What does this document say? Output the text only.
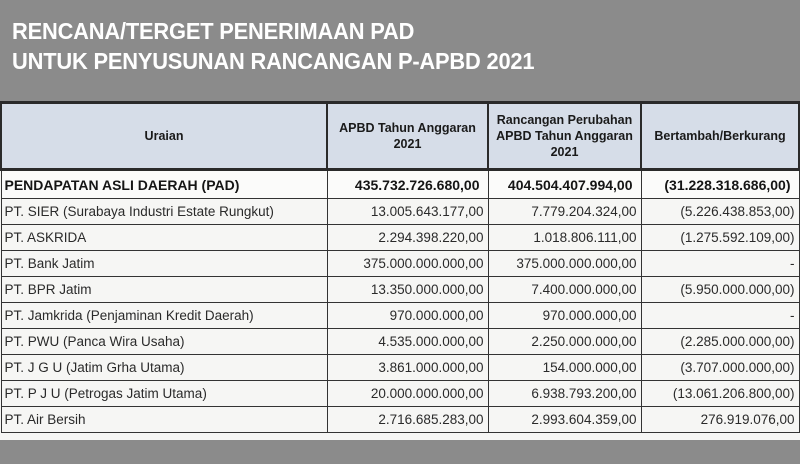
RENCANA/TERGET PENERIMAAN PAD
UNTUK PENYUSUNAN RANCANGAN P-APBD 2021
Uraian	APBD Tahun Anggaran 2021	Rancangan Perubahan APBD Tahun Anggaran 2021	Bertambah/Berkurang
PENDAPATAN ASLI DAERAH (PAD)	435.732.726.680,00	404.504.407.994,00	(31.228.318.686,00)
PT. SIER (Surabaya Industri Estate Rungkut)	13.005.643.177,00	7.779.204.324,00	(5.226.438.853,00)
PT. ASKRIDA	2.294.398.220,00	1.018.806.111,00	(1.275.592.109,00)
PT. Bank Jatim	375.000.000.000,00	375.000.000.000,00	-
PT. BPR Jatim	13.350.000.000,00	7.400.000.000,00	(5.950.000.000,00)
PT. Jamkrida (Penjaminan Kredit Daerah)	970.000.000,00	970.000.000,00	-
PT. PWU (Panca Wira Usaha)	4.535.000.000,00	2.250.000.000,00	(2.285.000.000,00)
PT. J G U (Jatim Grha Utama)	3.861.000.000,00	154.000.000,00	(3.707.000.000,00)
PT. P J U (Petrogas Jatim Utama)	20.000.000.000,00	6.938.793.200,00	(13.061.206.800,00)
PT. Air Bersih	2.716.685.283,00	2.993.604.359,00	276.919.076,00
